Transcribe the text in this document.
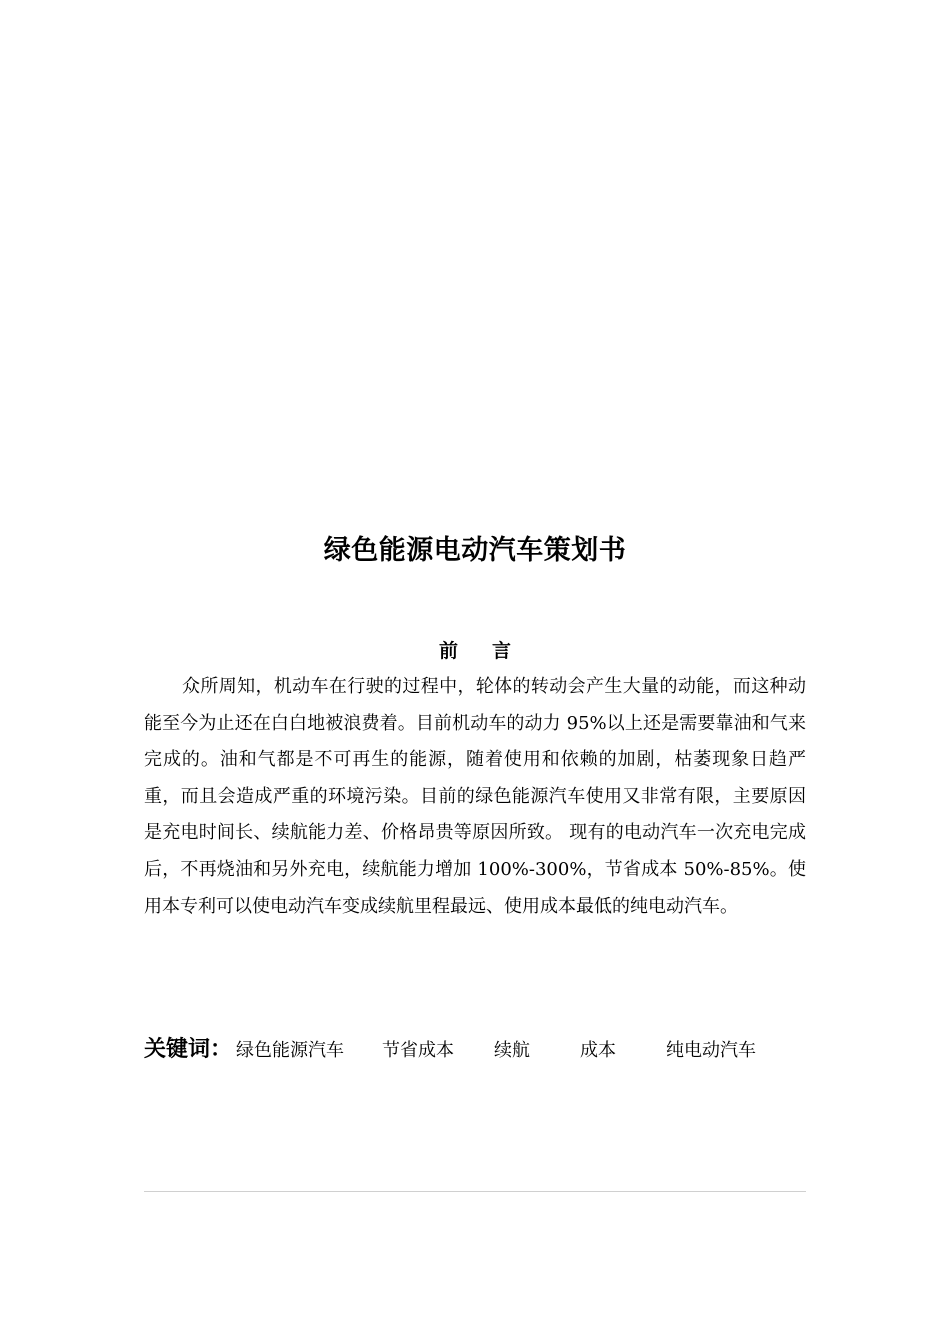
绿色能源电动汽车策划书
前言

众所周知，机动车在行驶的过程中，轮体的转动会产生大量的动能，而这种动能至今为止还在白白地被浪费着。目前机动车的动力 95%以上还是需要靠油和气来完成的。油和气都是不可再生的能源，随着使用和依赖的加剧，枯萎现象日趋严重，而且会造成严重的环境污染。目前的绿色能源汽车使用又非常有限，主要原因是充电时间长、续航能力差、价格昂贵等原因所致。 现有的电动汽车一次充电完成后，不再烧油和另外充电，续航能力增加 100%-300%，节省成本 50%-85%。使用本专利可以使电动汽车变成续航里程最远、使用成本最低的纯电动汽车。

关键词： 绿色能源汽车 节省成本 续航	成本	纯电动汽车
